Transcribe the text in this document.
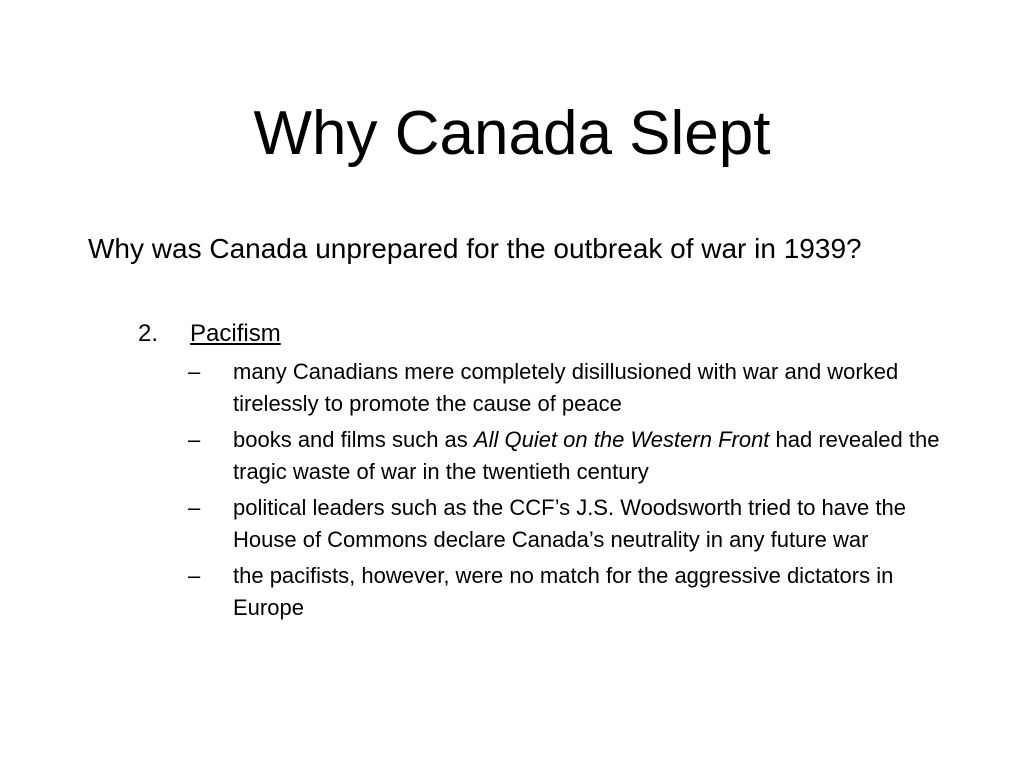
Why Canada Slept

Why was Canada unprepared for the outbreak of war in 1939?

2. Pacifism
– many Canadians mere completely disillusioned with war and worked tirelessly to promote the cause of peace
– books and films such as All Quiet on the Western Front had revealed the tragic waste of war in the twentieth century
– political leaders such as the CCF’s J.S. Woodsworth tried to have the House of Commons declare Canada’s neutrality in any future war
– the pacifists, however, were no match for the aggressive dictators in Europe
